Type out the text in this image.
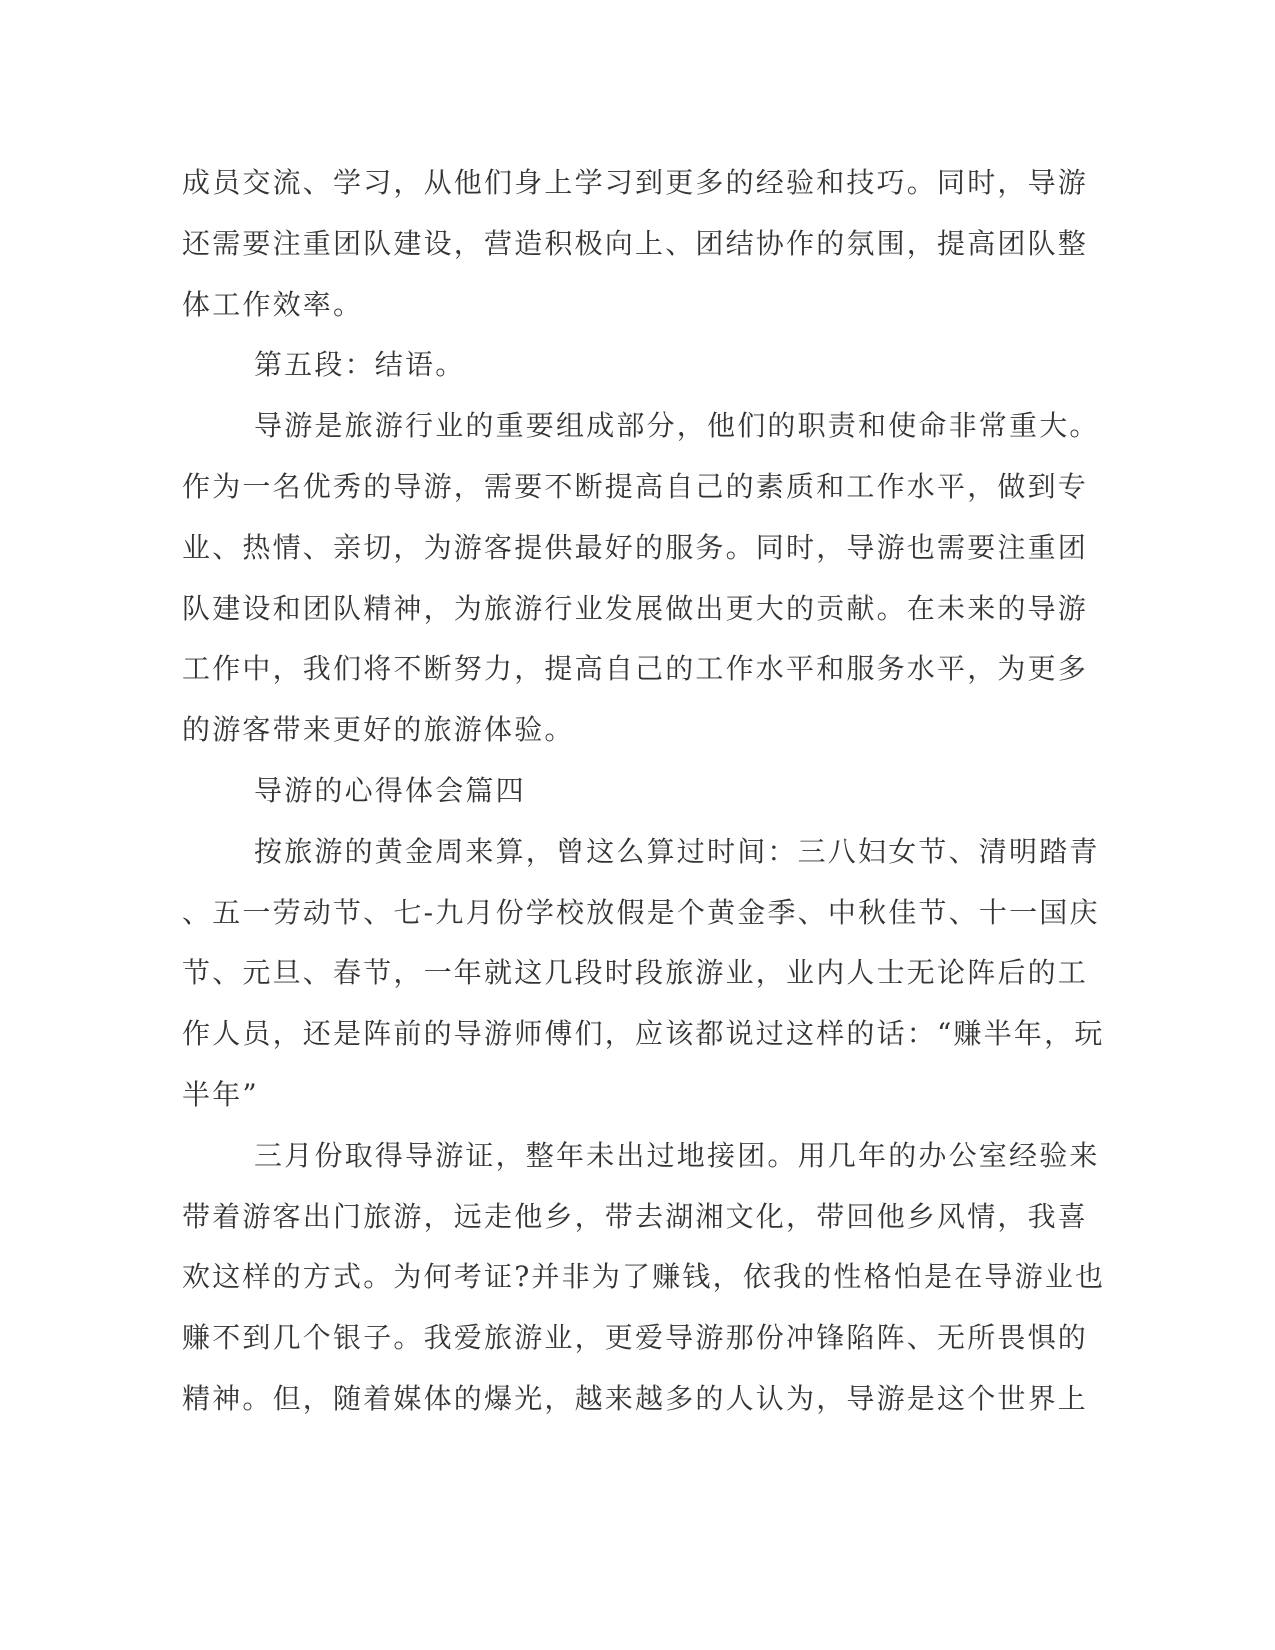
成员交流、学习，从他们身上学习到更多的经验和技巧。同时，导游
还需要注重团队建设，营造积极向上、团结协作的氛围，提高团队整
体工作效率。
第五段：结语。
导游是旅游行业的重要组成部分，他们的职责和使命非常重大。
作为一名优秀的导游，需要不断提高自己的素质和工作水平，做到专
业、热情、亲切，为游客提供最好的服务。同时，导游也需要注重团
队建设和团队精神，为旅游行业发展做出更大的贡献。在未来的导游
工作中，我们将不断努力，提高自己的工作水平和服务水平，为更多
的游客带来更好的旅游体验。
导游的心得体会篇四
按旅游的黄金周来算，曾这么算过时间：三八妇女节、清明踏青
、五一劳动节、七-九月份学校放假是个黄金季、中秋佳节、十一国庆
节、元旦、春节，一年就这几段时段旅游业，业内人士无论阵后的工
作人员，还是阵前的导游师傅们，应该都说过这样的话：“赚半年，玩
半年”
三月份取得导游证，整年未出过地接团。用几年的办公室经验来
带着游客出门旅游，远走他乡，带去湖湘文化，带回他乡风情，我喜
欢这样的方式。为何考证?并非为了赚钱，依我的性格怕是在导游业也
赚不到几个银子。我爱旅游业，更爱导游那份冲锋陷阵、无所畏惧的
精神。但，随着媒体的爆光，越来越多的人认为，导游是这个世界上
